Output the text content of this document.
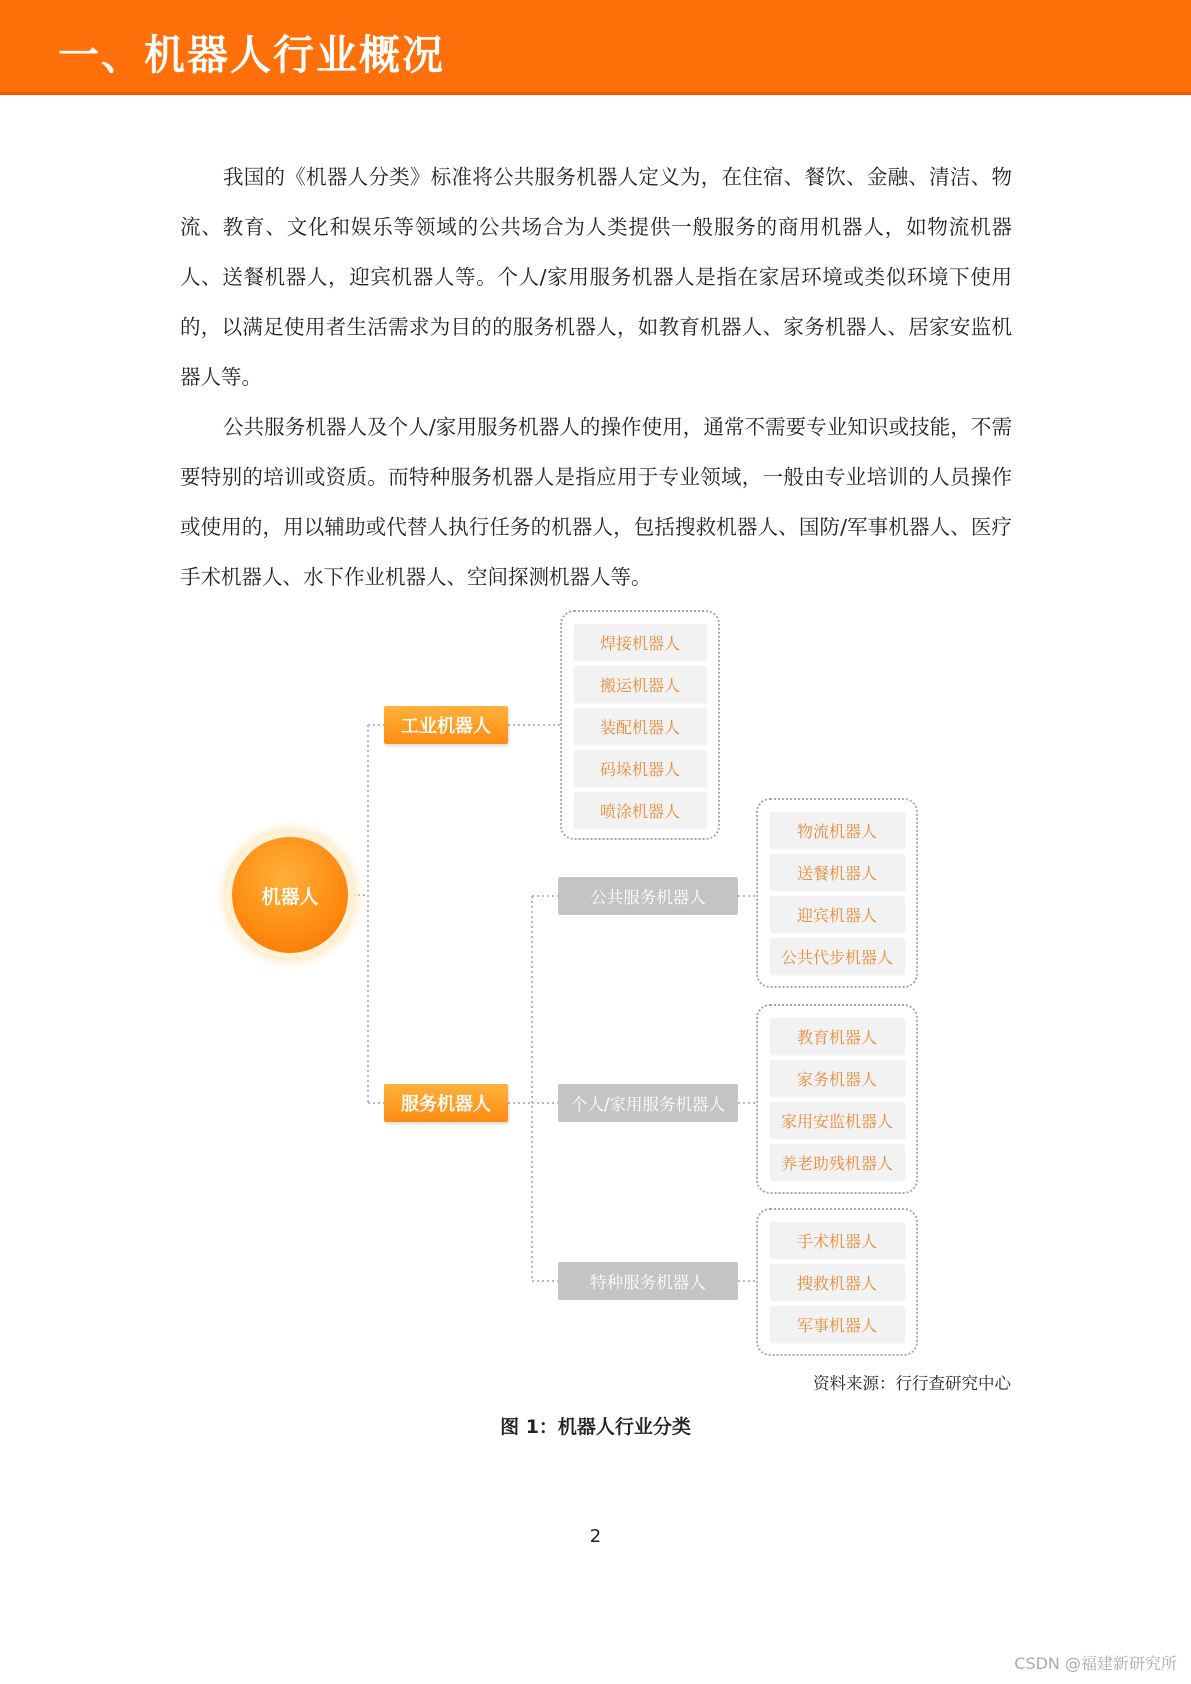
一、机器人行业概况

我国的《机器人分类》标准将公共服务机器人定义为，在住宿、餐饮、金融、清洁、物流、教育、文化和娱乐等领域的公共场合为人类提供一般服务的商用机器人，如物流机器人、送餐机器人，迎宾机器人等。个人/家用服务机器人是指在家居环境或类似环境下使用的，以满足使用者生活需求为目的的服务机器人，如教育机器人、家务机器人、居家安监机器人等。

公共服务机器人及个人/家用服务机器人的操作使用，通常不需要专业知识或技能，不需要特别的培训或资质。而特种服务机器人是指应用于专业领域，一般由专业培训的人员操作或使用的，用以辅助或代替人执行任务的机器人，包括搜救机器人、国防/军事机器人、医疗手术机器人、水下作业机器人、空间探测机器人等。

机器人
工业机器人
服务机器人
公共服务机器人
个人/家用服务机器人
特种服务机器人
焊接机器人
搬运机器人
装配机器人
码垛机器人
喷涂机器人
物流机器人
送餐机器人
迎宾机器人
公共代步机器人
教育机器人
家务机器人
家用安监机器人
养老助残机器人
手术机器人
搜救机器人
军事机器人
资料来源：行行查研究中心
图 1：机器人行业分类
2
CSDN @福建新研究所
